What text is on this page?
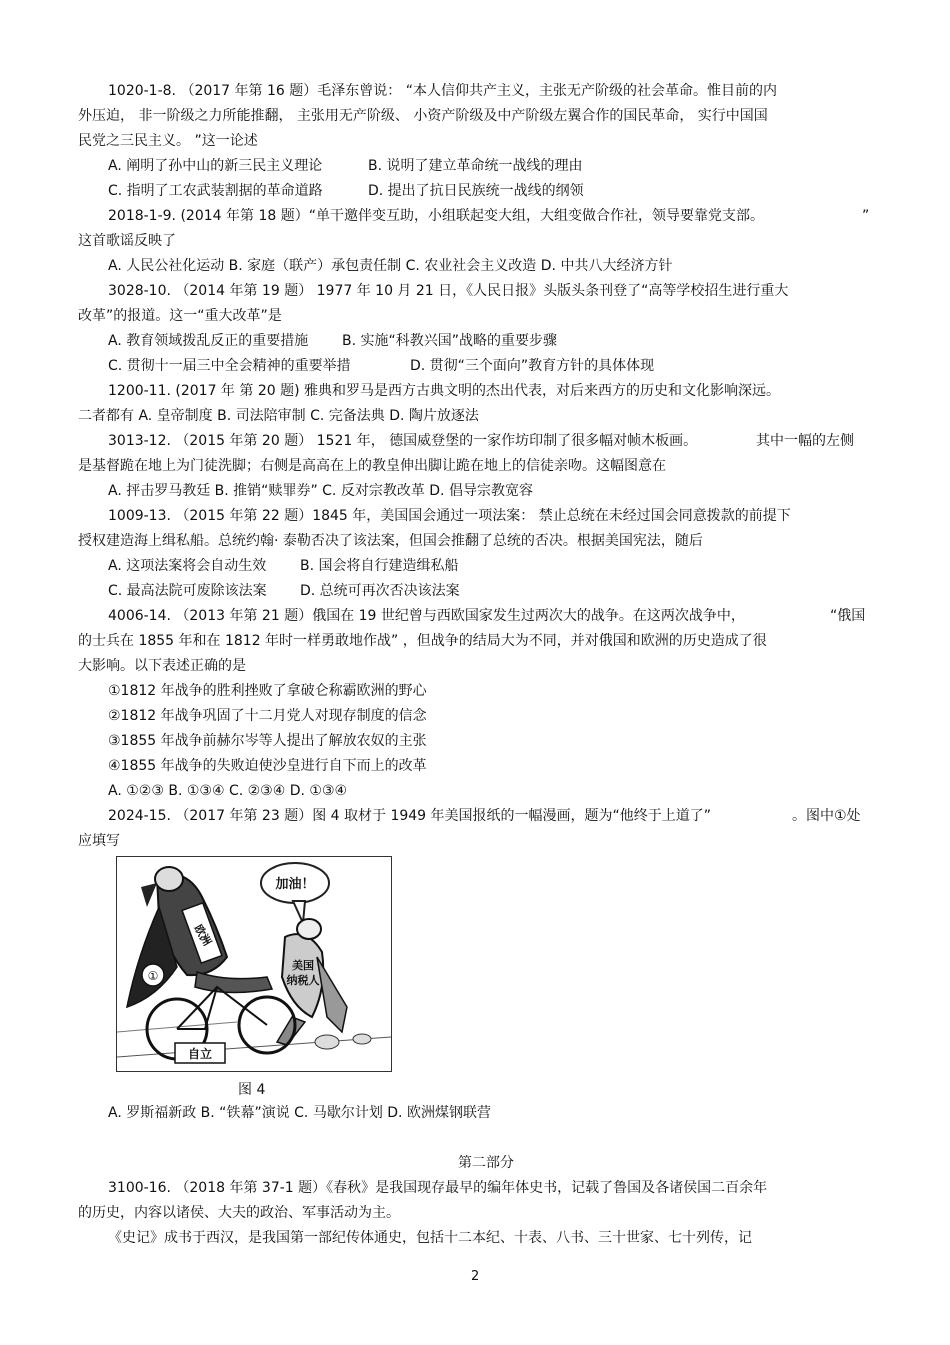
1020-1-8. （2017 年第 16 题）毛泽东曾说： “本人信仰共产主义，主张无产阶级的社会革命。惟目前的内
外压迫， 非一阶级之力所能推翻， 主张用无产阶级、 小资产阶级及中产阶级左翼合作的国民革命， 实行中国国
民党之三民主义。 ”这一论述
A. 阐明了孙中山的新三民主义理论	B. 说明了建立革命统一战线的理由
C. 指明了工农武装割据的革命道路	D. 提出了抗日民族统一战线的纲领
2018-1-9. (2014 年第 18 题）“单干邀伴变互助，小组联起变大组，大组变做合作社，领导要靠党支部。	”
这首歌谣反映了
A. 人民公社化运动 B. 家庭（联产）承包责任制 C. 农业社会主义改造 D. 中共八大经济方针
3028-10. （2014 年第 19 题） 1977 年 10 月 21 日，《人民日报》头版头条刊登了“高等学校招生进行重大
改革”的报道。这一“重大改革”是
A. 教育领域拨乱反正的重要措施 B. 实施“科教兴国”战略的重要步骤
C. 贯彻十一届三中全会精神的重要举措	D. 贯彻“三个面向”教育方针的具体体现
1200-11. (2017 年 第 20 题) 雅典和罗马是西方古典文明的杰出代表，对后来西方的历史和文化影响深远。
二者都有 A. 皇帝制度 B. 司法陪审制 C. 完备法典 D. 陶片放逐法
3013-12. （2015 年第 20 题） 1521 年， 德国威登堡的一家作坊印制了很多幅对帧木板画。	其中一幅的左侧
是基督跪在地上为门徒洗脚；右侧是高高在上的教皇伸出脚让跪在地上的信徒亲吻。这幅图意在
A. 抨击罗马教廷 B. 推销“赎罪券” C. 反对宗教改革 D. 倡导宗教宽容
1009-13. （2015 年第 22 题）1845 年，美国国会通过一项法案： 禁止总统在未经过国会同意拨款的前提下
授权建造海上缉私船。总统约翰· 泰勒否决了该法案，但国会推翻了总统的否决。根据美国宪法，随后
A. 这项法案将会自动生效 B. 国会将自行建造缉私船
C. 最高法院可废除该法案 D. 总统可再次否决该法案
4006-14. （2013 年第 21 题）俄国在 19 世纪曾与西欧国家发生过两次大的战争。在这两次战争中，	“俄国
的士兵在 1855 年和在 1812 年时一样勇敢地作战” ，但战争的结局大为不同，并对俄国和欧洲的历史造成了很
大影响。以下表述正确的是
①1812 年战争的胜利挫败了拿破仑称霸欧洲的野心
②1812 年战争巩固了十二月党人对现存制度的信念
③1855 年战争前赫尔岑等人提出了解放农奴的主张
④1855 年战争的失败迫使沙皇进行自下而上的改革
A. ①②③ B. ①③④ C. ②③④ D. ①③④
2024-15. （2017 年第 23 题）图 4 取材于 1949 年美国报纸的一幅漫画，题为“他终于上道了”	。图中①处
应填写
加油！
欧洲
美国
纳税人
①
自立
图 4
A. 罗斯福新政 B. “铁幕”演说 C. 马歇尔计划 D. 欧洲煤钢联营
第二部分
3100-16. （2018 年第 37-1 题）《春秋》是我国现存最早的编年体史书，记载了鲁国及各诸侯国二百余年
的历史，内容以诸侯、大夫的政治、军事活动为主。
《史记》成书于西汉，是我国第一部纪传体通史，包括十二本纪、十表、八书、三十世家、七十列传，记
2
